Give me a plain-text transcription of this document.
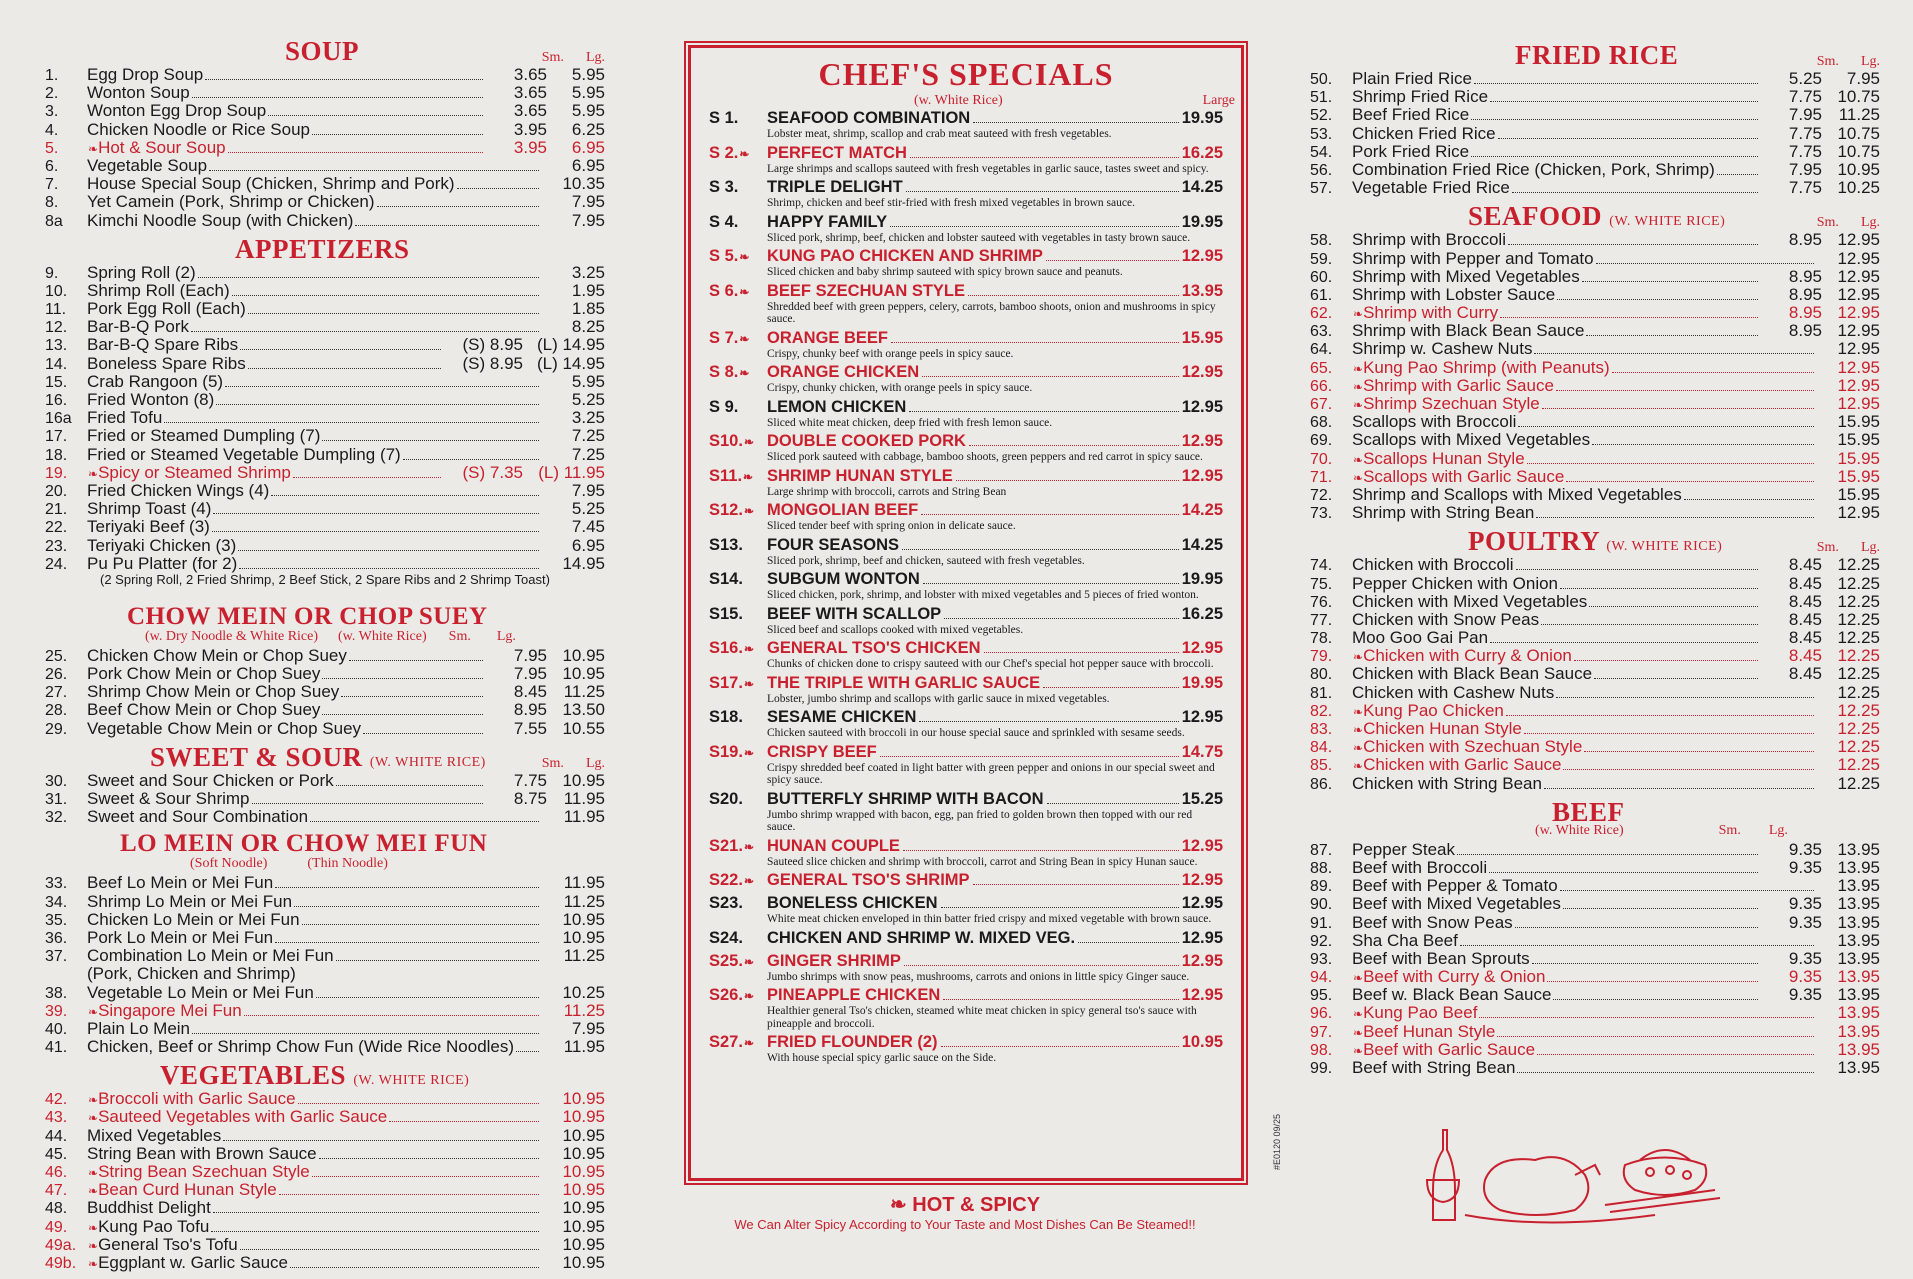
SOUP	Sm. Lg.
1.	Egg Drop Soup	3.65	5.95
2.	Wonton Soup	3.65	5.95
3.	Wonton Egg Drop Soup	3.65	5.95
4.	Chicken Noodle or Rice Soup	3.95	6.25
5.	❧ Hot & Sour Soup	3.95	6.95
6.	Vegetable Soup	6.95
7.	House Special Soup (Chicken, Shrimp and Pork)	10.35
8.	Yet Camein (Pork, Shrimp or Chicken)	7.95
8a	Kimchi Noodle Soup (with Chicken)	7.95
APPETIZERS
9.	Spring Roll (2)	3.25
10.	Shrimp Roll (Each)	1.95
11.	Pork Egg Roll (Each)	1.85
12.	Bar-B-Q Pork	8.25
13.	Bar-B-Q Spare Ribs	(S) 8.95 (L) 14.95
14.	Boneless Spare Ribs	(S) 8.95 (L) 14.95
15.	Crab Rangoon (5)	5.95
16.	Fried Wonton (8)	5.25
16a Fried Tofu	3.25
17.	Fried or Steamed Dumpling (7)	7.25
18.	Fried or Steamed Vegetable Dumpling (7)	7.25
19.	❧ Spicy or Steamed Shrimp	(S) 7.35 (L) 11.95
20.	Fried Chicken Wings (4)	7.95
21.	Shrimp Toast (4)	5.25
22.	Teriyaki Beef (3)	7.45
23.	Teriyaki Chicken (3)	6.95
24.	Pu Pu Platter (for 2)	14.95
(2 Spring Roll, 2 Fried Shrimp, 2 Beef Stick, 2 Spare Ribs and 2 Shrimp Toast)
CHOW MEIN OR CHOP SUEY
(w. Dry Noodle & White Rice) (w. White Rice) Sm. Lg.
25.	Chicken Chow Mein or Chop Suey	7.95 10.95
26.	Pork Chow Mein or Chop Suey	7.95 10.95
27.	Shrimp Chow Mein or Chop Suey	8.45 11.25
28.	Beef Chow Mein or Chop Suey	8.95 13.50
29.	Vegetable Chow Mein or Chop Suey	7.55 10.55
SWEET & SOUR (W. WHITE RICE)	Sm. Lg.
30.	Sweet and Sour Chicken or Pork	7.75 10.95
31.	Sweet & Sour Shrimp	8.75 11.95
32.	Sweet and Sour Combination	11.95
LO MEIN OR CHOW MEI FUN
(Soft Noodle)	(Thin Noodle)
33.	Beef Lo Mein or Mei Fun	11.95
34.	Shrimp Lo Mein or Mei Fun	11.25
35.	Chicken Lo Mein or Mei Fun	10.95
36.	Pork Lo Mein or Mei Fun	10.95
37.	Combination Lo Mein or Mei Fun	11.25
(Pork, Chicken and Shrimp)
38.	Vegetable Lo Mein or Mei Fun	10.25
39.	❧ Singapore Mei Fun	11.25
40.	Plain Lo Mein	7.95
41.	Chicken, Beef or Shrimp Chow Fun (Wide Rice Noodles)	11.95
VEGETABLES (W. WHITE RICE)
42.	❧ Broccoli with Garlic Sauce	10.95
43.	❧ Sauteed Vegetables with Garlic Sauce	10.95
44.	Mixed Vegetables	10.95
45.	String Bean with Brown Sauce	10.95
46.	❧ String Bean Szechuan Style	10.95
47.	❧ Bean Curd Hunan Style	10.95
48.	Buddhist Delight	10.95
49.	❧ Kung Pao Tofu	10.95
49a. ❧ General Tso's Tofu	10.95
49b. ❧ Eggplant w. Garlic Sauce	10.95
CHEF'S SPECIALS
(w. White Rice)	Large
S 1.	SEAFOOD COMBINATION	19.95
Lobster meat, shrimp, scallop and crab meat sauteed with fresh vegetables.
S 2.❧	PERFECT MATCH	16.25
Large shrimps and scallops sauteed with fresh vegetables in garlic sauce, tastes sweet and spicy.
S 3.	TRIPLE DELIGHT	14.25
Shrimp, chicken and beef stir-fried with fresh mixed vegetables in brown sauce.
S 4.	HAPPY FAMILY	19.95
Sliced pork, shrimp, beef, chicken and lobster sauteed with vegetables in tasty brown sauce.
S 5.❧	KUNG PAO CHICKEN AND SHRIMP	12.95
Sliced chicken and baby shrimp sauteed with spicy brown sauce and peanuts.
S 6.❧	BEEF SZECHUAN STYLE	13.95
Shredded beef with green peppers, celery, carrots, bamboo shoots, onion and mushrooms in spicy sauce.
S 7.❧	ORANGE BEEF	15.95
Crispy, chunky beef with orange peels in spicy sauce.
S 8.❧	ORANGE CHICKEN	12.95
Crispy, chunky chicken, with orange peels in spicy sauce.
S 9.	LEMON CHICKEN	12.95
Sliced white meat chicken, deep fried with fresh lemon sauce.
S10.❧ DOUBLE COOKED PORK	12.95
Sliced pork sauteed with cabbage, bamboo shoots, green peppers and red carrot in spicy sauce.
S11.❧ SHRIMP HUNAN STYLE	12.95
Large shrimp with broccoli, carrots and String Bean
S12.❧ MONGOLIAN BEEF	14.25
Sliced tender beef with spring onion in delicate sauce.
S13.	FOUR SEASONS	14.25
Sliced pork, shrimp, beef and chicken, sauteed with fresh vegetables.
S14.	SUBGUM WONTON	19.95
Sliced chicken, pork, shrimp, and lobster with mixed vegetables and 5 pieces of fried wonton.
S15.	BEEF WITH SCALLOP	16.25
Sliced beef and scallops cooked with mixed vegetables.
S16.❧ GENERAL TSO'S CHICKEN	12.95
Chunks of chicken done to crispy sauteed with our Chef's special hot pepper sauce with broccoli.
S17.❧ THE TRIPLE WITH GARLIC SAUCE	19.95
Lobster, jumbo shrimp and scallops with garlic sauce in mixed vegetables.
S18.	SESAME CHICKEN	12.95
Chicken sauteed with broccoli in our house special sauce and sprinkled with sesame seeds.
S19.❧ CRISPY BEEF	14.75
Crispy shredded beef coated in light batter with green pepper and onions in our special sweet and spicy sauce.
S20.	BUTTERFLY SHRIMP WITH BACON	15.25
Jumbo shrimp wrapped with bacon, egg, pan fried to golden brown then topped with our red sauce.
S21.❧ HUNAN COUPLE	12.95
Sauteed slice chicken and shrimp with broccoli, carrot and String Bean in spicy Hunan sauce.
S22.❧ GENERAL TSO'S SHRIMP	12.95
S23.	BONELESS CHICKEN	12.95
White meat chicken enveloped in thin batter fried crispy and mixed vegetable with brown sauce.
S24.	CHICKEN AND SHRIMP W. MIXED VEG.	12.95
S25.❧ GINGER SHRIMP	12.95
Jumbo shrimps with snow peas, mushrooms, carrots and onions in little spicy Ginger sauce.
S26.❧ PINEAPPLE CHICKEN	12.95
Healthier general Tso's chicken, steamed white meat chicken in spicy general tso's sauce with pineapple and broccoli.
S27.❧ FRIED FLOUNDER (2)	10.95
With house special spicy garlic sauce on the Side.
❧ HOT & SPICY
We Can Alter Spicy According to Your Taste and Most Dishes Can Be Steamed!!
#E0120 09/25
FRIED RICE	Sm. Lg.
50.	Plain Fried Rice	5.25	7.95
51.	Shrimp Fried Rice	7.75 10.75
52.	Beef Fried Rice	7.95 11.25
53.	Chicken Fried Rice	7.75 10.75
54.	Pork Fried Rice	7.75 10.75
56.	Combination Fried Rice (Chicken, Pork, Shrimp)	7.95 10.95
57.	Vegetable Fried Rice	7.75 10.25
SEAFOOD (W. WHITE RICE)	Sm. Lg.
58.	Shrimp with Broccoli	8.95 12.95
59.	Shrimp with Pepper and Tomato	12.95
60.	Shrimp with Mixed Vegetables	8.95 12.95
61.	Shrimp with Lobster Sauce	8.95 12.95
62.	❧ Shrimp with Curry	8.95 12.95
63.	Shrimp with Black Bean Sauce	8.95 12.95
64.	Shrimp w. Cashew Nuts	12.95
65.	❧ Kung Pao Shrimp (with Peanuts)	12.95
66.	❧ Shrimp with Garlic Sauce	12.95
67.	❧ Shrimp Szechuan Style	12.95
68.	Scallops with Broccoli	15.95
69.	Scallops with Mixed Vegetables	15.95
70.	❧ Scallops Hunan Style	15.95
71.	❧ Scallops with Garlic Sauce	15.95
72.	Shrimp and Scallops with Mixed Vegetables	15.95
73.	Shrimp with String Bean	12.95
POULTRY (W. WHITE RICE)	Sm. Lg.
74.	Chicken with Broccoli	8.45 12.25
75.	Pepper Chicken with Onion	8.45 12.25
76.	Chicken with Mixed Vegetables	8.45 12.25
77.	Chicken with Snow Peas	8.45 12.25
78.	Moo Goo Gai Pan	8.45 12.25
79.	❧ Chicken with Curry & Onion	8.45 12.25
80.	Chicken with Black Bean Sauce	8.45 12.25
81.	Chicken with Cashew Nuts	12.25
82.	❧ Kung Pao Chicken	12.25
83.	❧ Chicken Hunan Style	12.25
84.	❧ Chicken with Szechuan Style	12.25
85.	❧ Chicken with Garlic Sauce	12.25
86.	Chicken with String Bean	12.25
BEEF
(w. White Rice)	Sm. Lg.
87.	Pepper Steak	9.35 13.95
88.	Beef with Broccoli	9.35 13.95
89.	Beef with Pepper & Tomato	13.95
90.	Beef with Mixed Vegetables	9.35 13.95
91.	Beef with Snow Peas	9.35 13.95
92.	Sha Cha Beef	13.95
93.	Beef with Bean Sprouts	9.35 13.95
94.	❧ Beef with Curry & Onion	9.35 13.95
95.	Beef w. Black Bean Sauce	9.35 13.95
96.	❧ Kung Pao Beef	13.95
97.	❧ Beef Hunan Style	13.95
98.	❧ Beef with Garlic Sauce	13.95
99.	Beef with String Bean	13.95
